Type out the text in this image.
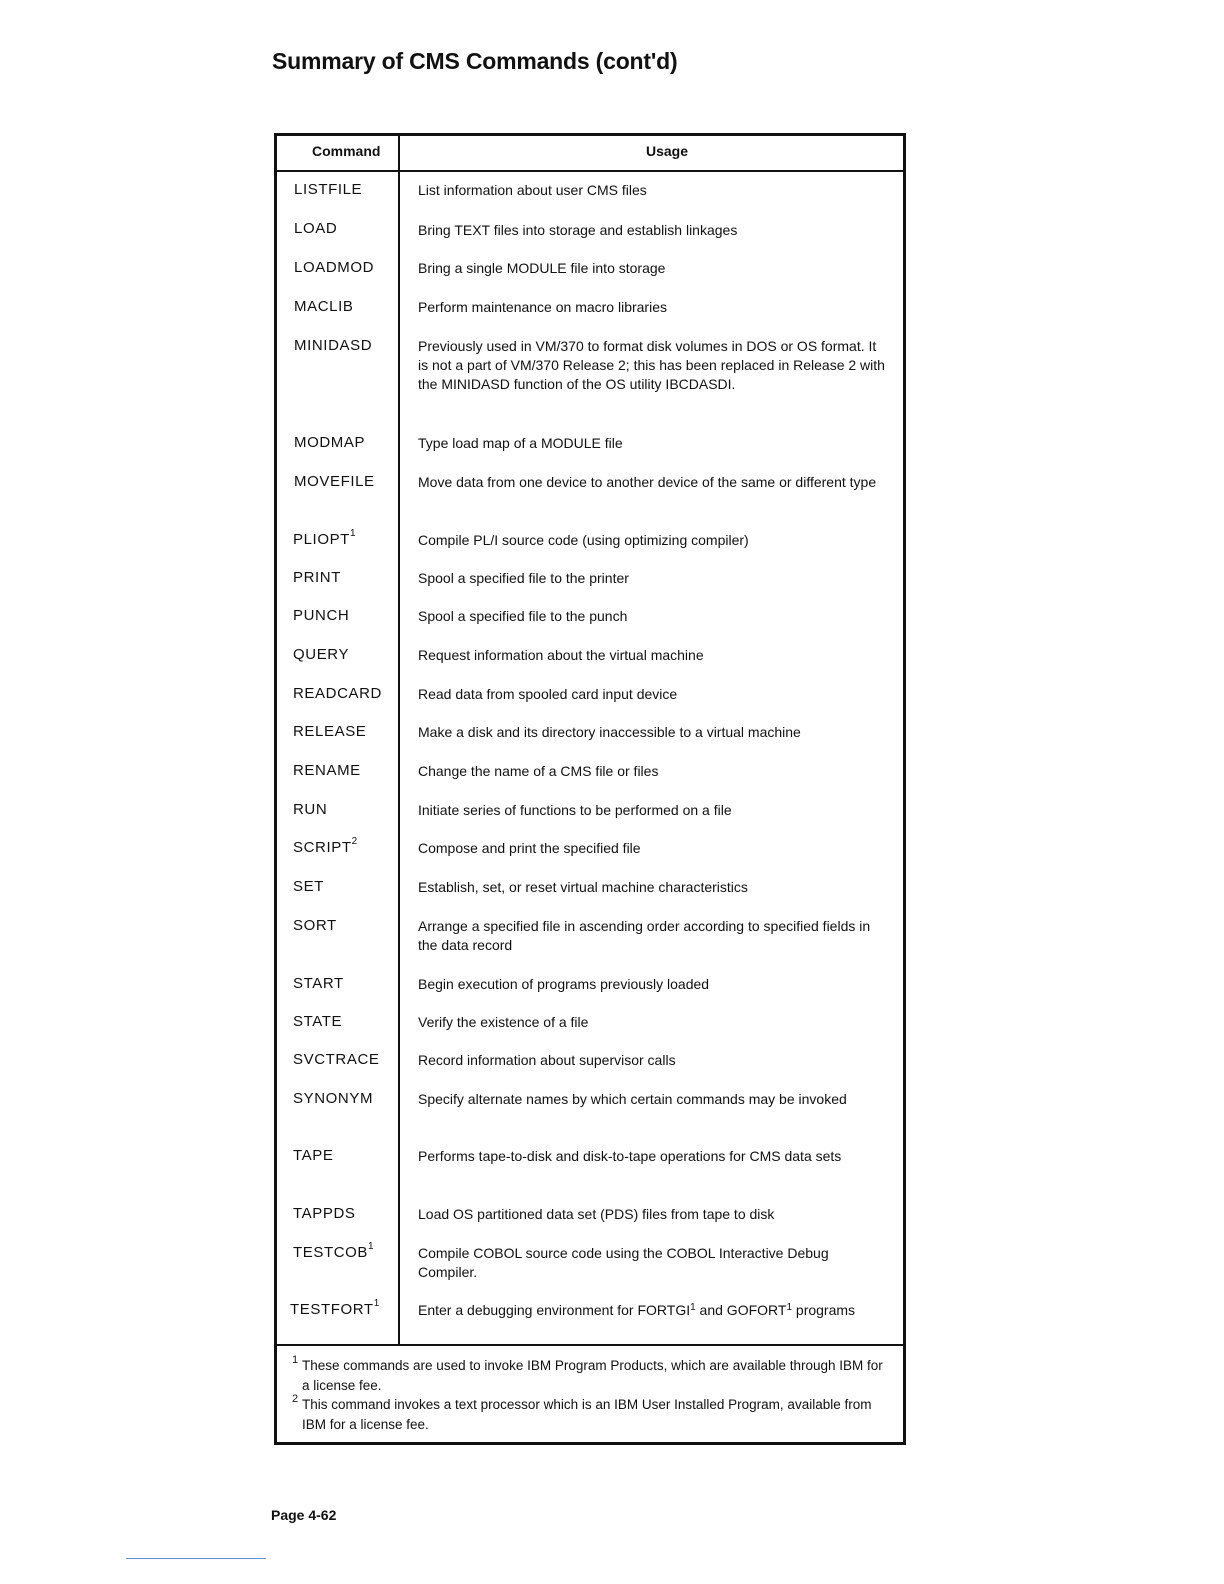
Summary of CMS Commands (cont'd)
Command	Usage
LISTFILE	List information about user CMS files
LOAD	Bring TEXT files into storage and establish linkages
LOADMOD	Bring a single MODULE file into storage
MACLIB	Perform maintenance on macro libraries
MINIDASD	Previously used in VM/370 to format disk volumes in DOS or OS format. It is not a part of VM/370 Release 2; this has been replaced in Release 2 with the MINIDASD function of the OS utility IBCDASDI.
MODMAP	Type load map of a MODULE file
MOVEFILE	Move data from one device to another device of the same or different type
PLIOPT$^1$	Compile PL/I source code (using optimizing compiler)
PRINT	Spool a specified file to the printer
PUNCH	Spool a specified file to the punch
QUERY	Request information about the virtual machine
READCARD	Read data from spooled card input device
RELEASE	Make a disk and its directory inaccessible to a virtual machine
RENAME	Change the name of a CMS file or files
RUN	Initiate series of functions to be performed on a file
SCRIPT$^2$	Compose and print the specified file
SET	Establish, set, or reset virtual machine characteristics
SORT	Arrange a specified file in ascending order according to specified fields in the data record
START	Begin execution of programs previously loaded
STATE	Verify the existence of a file
SVCTRACE	Record information about supervisor calls
SYNONYM	Specify alternate names by which certain commands may be invoked
TAPE	Performs tape-to-disk and disk-to-tape operations for CMS data sets
TAPPDS	Load OS partitioned data set (PDS) files from tape to disk
TESTCOB$^1$	Compile COBOL source code using the COBOL Interactive Debug Compiler.
TESTFORT$^1$	Enter a debugging environment for FORTGI$^1$ and GOFORT$^1$ programs
1 These commands are used to invoke IBM Program Products, which are available through IBM for a license fee.
2 This command invokes a text processor which is an IBM User Installed Program, available from IBM for a license fee.
Page 4-62
